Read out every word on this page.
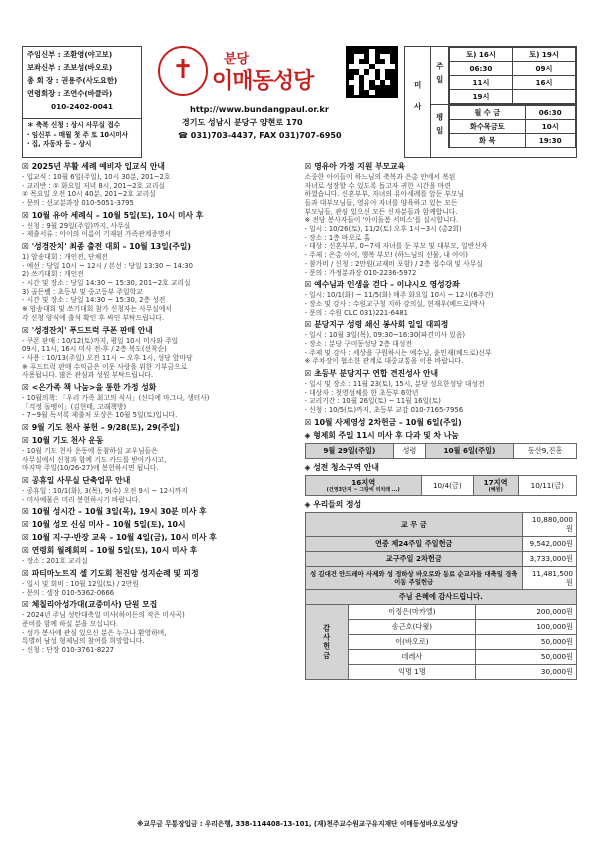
주임신부 : 조환영(야고보)
보좌신부 : 조보성(바오로)
총 회 장 : 권용주(사도요한)
연령회장 : 조연수(바클라)
010-2402-0041
＊ 축복 신청 : 상시 사무실 접수
· 임신부 – 매월 첫 주 토 10시미사
· 집, 자동차 등 – 상시
✝	분당
이매동성당
http://www.bundangpaul.or.kr
경기도 성남시 분당구 양현로 170
☎ 031)703-4437, FAX 031)707-6950
미사
주일
토) 16시	토) 19시
06:30	09시
11시	16시
19시	
평일
월 수 금	06:30
화수목금토	10시
화 목	19:30
☒ 2025년 부활 세례 예비자 입교식 안내
- 입교식 : 10월 6일(주일), 10시 30분, 201~2호
- 교리반 : ① 화요일 저녁 8시, 201~2호 교리실
② 목요일 오전 10시 40분, 201~2호 교리실
- 문의 : 선교분과장 010-5051-3795
☒ 10월 유아 세례식 – 10월 5일(토), 10시 미사 후
- 신청 : 9월 29일(주일)까지, 사무실
- 제출서류 : 아이의 이름이 기재된 가족관계증명서
☒ '성경잔치' 최종 출전 대회 – 10월 13일(주일)
1) 암송대회 : 개인전, 단체전
- 예선 : 당일 10시 ~ 12시 / 본선 : 당일 13:30 ~ 14:30
2) 쓰기대회 : 개인전
- 시간 및 장소 : 당일 14:30 ~ 15:30, 201~2호 교리실
3) 골든벨 : 초등부 및 중고등부 주일학교
- 시간 및 장소 : 당일 14:30 ~ 15:30, 2층 성전
※ 암송대회 및 쓰기대회 참가 신청자는 사무실에서
각 신청 양식에 출석 확인 후 싸인 부탁드립니다.
☒ '성경잔치' 푸드트럭 쿠폰 판매 안내
- 쿠폰 판매 : 10/12(토)까지, 평일 10시 미사와 주일
09시, 11시, 16시 미사 전·후 / 2층 복도(선착순)
- 사용 : 10/13(주일) 오전 11시 ~ 오후 1시, 성당 앞마당
※ 푸드트럭 판매 수익금은 이웃 사랑을 위한 기부금으로
사용됩니다. 많은 관심과 성원 부탁드립니다.
☒ <은가족 책 나눔>을 통한 가정 성화
- 10월의책: 「우리 가족 최고의 식사」(신디에 마그나, 생터사)
「걱정 돌멩이」(김현태, 고래책방)
- 7~9월 독서록 제출처 포상은 10월 5일(토)입니다.
☒ 9월 기도 천사 봉헌 – 9/28(토), 29(주일)
☒ 10월 기도 천사 운동
- 10월 기도 천사 운동에 동참하실 교우님들은
사무실에서 신청과 함께 기도 카드를 받아가시고,
마지막 주일(10/26-27)에 봉헌하시면 됩니다.
☒ 공휴일 사무실 단축업무 안내
- 공휴일 : 10/1(화), 3(목), 9(수) 오전 9시 ~ 12시까지
- 미사예물은 미리 봉헌하시기 바랍니다.
☒ 10월 성시간 – 10월 3일(목), 19시 30분 미사 후
☒ 10월 성모 신심 미사 – 10월 5일(토), 10시
☒ 10월 지·구·반장 교육 – 10월 4일(금), 10시 미사 후
☒ 연령회 월례회의 – 10월 5일(토), 10시 미사 후
- 장소 : 201호 교리실
☒ 파티마노트직 셀 기도회 천진암 성지순례 및 피정
- 일시 및 회비 : 10월 12일(토) / 2만원
- 문의 : 셀장 010-5362-0666
☒ 체칠리아성가대(교중미사) 단원 모집
- 2024년 주님 성탄대축일 미사(하이든의 작은 미사곡)
준비를 함께 하실 분을 모십니다.
- 성가 봉사에 관심 있으신 분은 누구나 환영하며,
특별히 남성 형제님의 참여를 희망합니다.
- 신청 : 단장 010-3761-8227
☒ 영유아 가정 지원 부모교육
소중한 아이들이 하느님의 축복과 은총 안에서 복된
자녀로 성장할 수 있도록 돕고자 귀한 시간을 마련
하였습니다. 신혼부부, 자녀의 유아세례를 앞둔 부모님
들과 대부모님들, 영유아 자녀를 양육하고 있는 모든
부모님들, 관심 있으신 모든 신자분들과 함께합니다.
※ 전담 봉사자들이 '아이돌봄 서비스'를 실시합니다.
- 일시 : 10/26(토), 11/2(토) 오후 1시~3시 (총2회)
- 장소 : 1층 바오로 홀
- 대상 : 신혼부부, 0~7세 자녀를 둔 부모 및 대부모, 일반신자
- 주제 : 은총 아이, 행복 부모! (하느님의 선물, 내 아이)
- 참가비 / 신청 : 2만원(교재비 포함) / 2층 접수대 및 사무실
- 문의 : 가정분과장 010-2236-5972
☒ 예수님과 인생을 걷다 – 이냐시오 영성강좌
- 일시: 10/1(화) ~ 11/5(화) 매주 화요일 10시 ~ 12시(6주간)
- 장소 및 강사 : 수원교구청 지하 강의실, 현재우(베드로)박사
- 문의 : 수원 CLC 031)221-6481
☒ 분당지구 성령 쇄신 봉사회 일일 대피정
- 일시 : 10월 3일(목), 09:30~16:30(파견미사 있음)
- 장소 : 분당 구미동성당 2층 대성전
- 주제 및 강사 : 세상을 구원하시는 예수님, 윤민재(베드로)신부
※ 주차장이 협소한 관계로 대중교통을 이용 바랍니다.
☒ 초등부 분당지구 연합 견진성사 안내
- 일시 및 장소 : 11월 23(토), 15시, 분당 성요한성당 대성전
- 대상자 : 첫영성체를 한 초등부 6학년
- 교리기간 : 10월 26일(토) ~ 11월 16일(토)
- 신청 : 10/5(토)까지, 초등부 교감 010-7165-7956
☒ 10월 사제영성 2차헌금 – 10월 6일(주일)
◈ 형제회 주일 11시 미사 후 다과 및 차 나눔
9월 29일(주일)	성령	10월 6일(주일)	동산9,진흥
◈ 성전 청소구역 안내
16지역
(건영3단지 ~ 그랑비 리치래 ...)
	10/4(금)	17지역
(혜원)
	10/11(금)
◈ 우리들의 정성
교 무 금	10,880,000원
연중 제24주일 주일헌금	9,542,000원
교구주일 2차헌금	3,733,000원
성 김대건 안드레아 사제와 성 정하상 바오로와 동료 순교자들 대축일 경축이동 주일헌금	11,481,500원
주님 은혜에 감사드립니다.		
감사헌금	이정은(마카엘)	200,000원
	송근호(다윗)	100,000원
	이(바오로)	50,000원
	데레사	50,000원
	익명 1명	30,000원
※교무금 무통장입금 : 우리은행, 338-114408-13-101, (재)천주교수원교구유지재단 이매동성바오로성당
